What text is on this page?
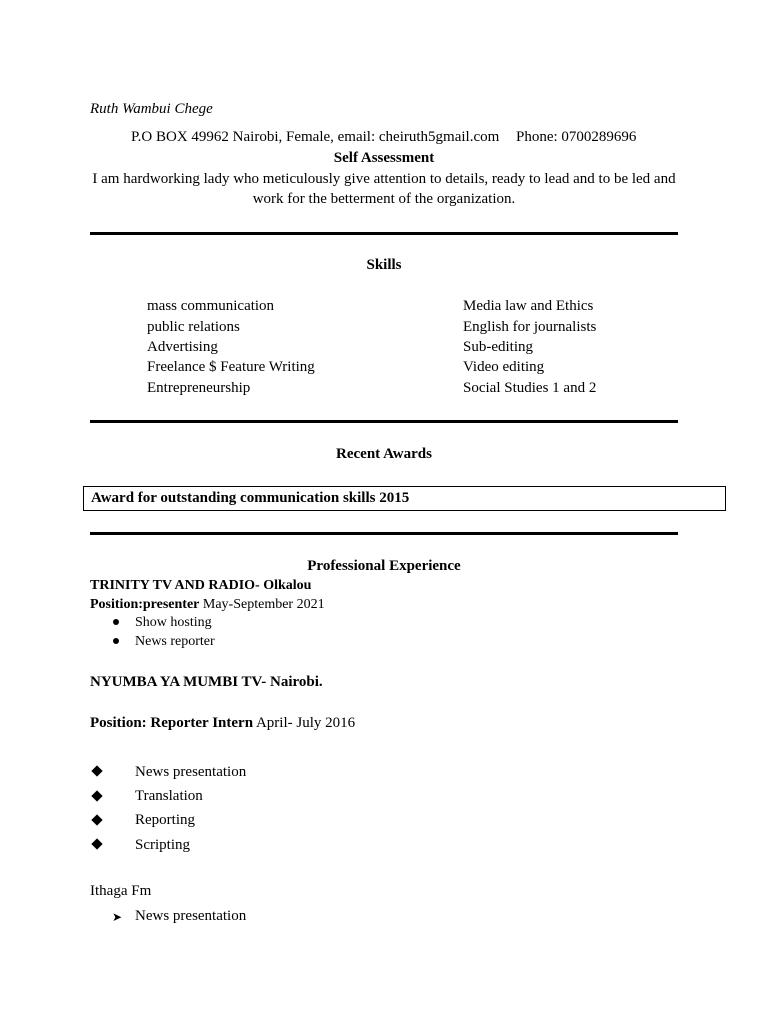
Ruth Wambui Chege
P.O BOX 49962 Nairobi, Female, email: cheiruth5gmail.com Phone: 0700289696
Self Assessment
I am hardworking lady who meticulously give attention to details, ready to lead and to be led and
work for the betterment of the organization.
Skills
mass communication
public relations
Advertising
Freelance $ Feature Writing
Entrepreneurship
Media law and Ethics
English for journalists
Sub-editing
Video editing
Social Studies 1 and 2
Recent Awards
Award for outstanding communication skills 2015
Professional Experience
TRINITY TV AND RADIO- Olkalou
Position:presenter May-September 2021
Show hosting
News reporter
NYUMBA YA MUMBI TV- Nairobi.
Position: Reporter Intern April- July 2016
News presentation
Translation
Reporting
Scripting
Ithaga Fm
➤ News presentation
